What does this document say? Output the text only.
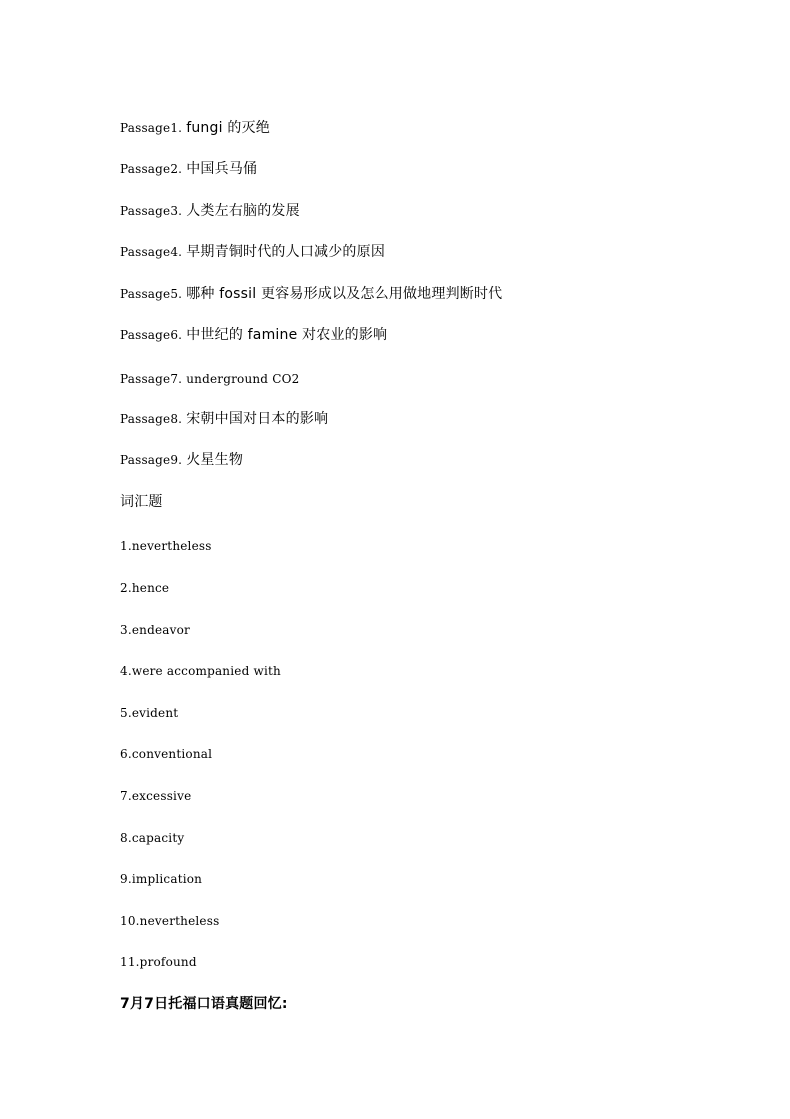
Passage1. fungi 的灭绝
Passage2. 中国兵马俑
Passage3. 人类左右脑的发展
Passage4. 早期青铜时代的人口减少的原因
Passage5. 哪种 fossil 更容易形成以及怎么用做地理判断时代
Passage6. 中世纪的 famine 对农业的影响
Passage7. underground CO2
Passage8. 宋朝中国对日本的影响
Passage9. 火星生物
词汇题
1.nevertheless
2.hence
3.endeavor
4.were accompanied with
5.evident
6.conventional
7.excessive
8.capacity
9.implication
10.nevertheless
11.profound
7月7日托福口语真题回忆:
